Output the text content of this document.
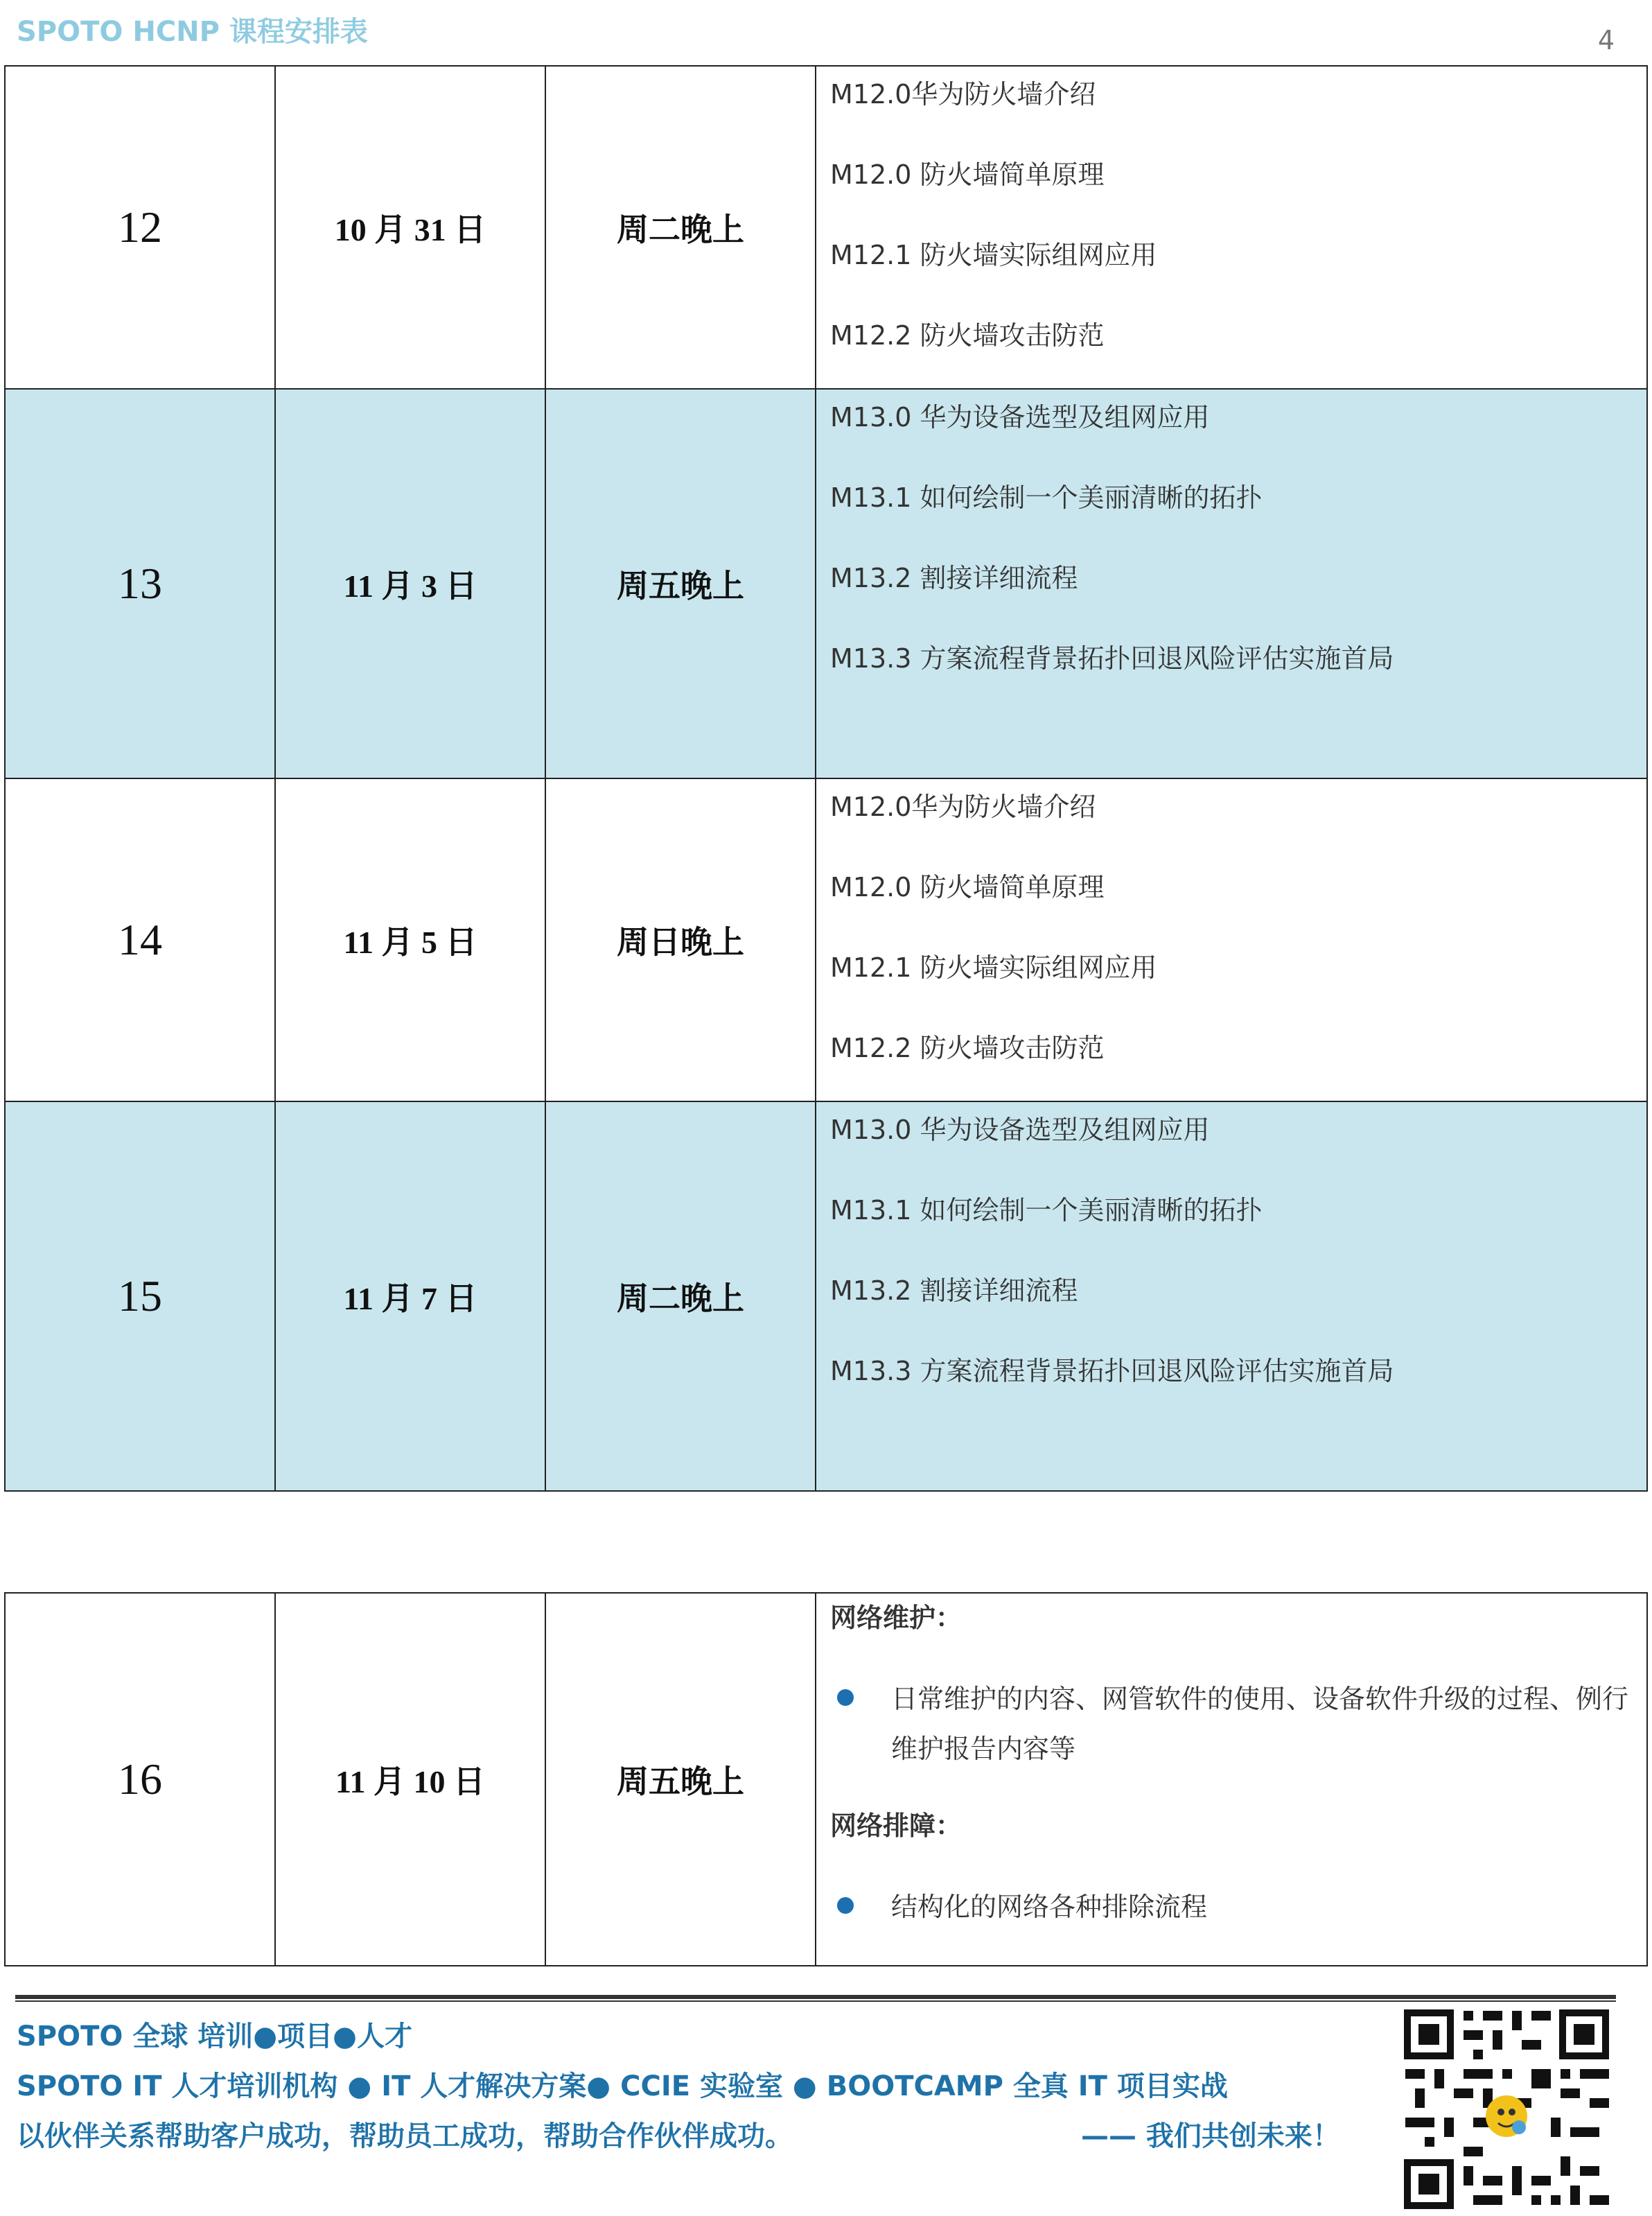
SPOTO HCNP 课程安排表	4
12	10 月 31 日	周二晚上	M12.0华为防火墙介绍
M12.0 防火墙简单原理
M12.1 防火墙实际组网应用
M12.2 防火墙攻击防范

13	11 月 3 日	周五晚上	M13.0 华为设备选型及组网应用
M13.1 如何绘制一个美丽清晰的拓扑
M13.2 割接详细流程
M13.3 方案流程背景拓扑回退风险评估实施首局

14	11 月 5 日	周日晚上	M12.0华为防火墙介绍
M12.0 防火墙简单原理
M12.1 防火墙实际组网应用
M12.2 防火墙攻击防范

15	11 月 7 日	周二晚上	M13.0 华为设备选型及组网应用
M13.1 如何绘制一个美丽清晰的拓扑
M13.2 割接详细流程
M13.3 方案流程背景拓扑回退风险评估实施首局
16	11 月 10 日	周五晚上	
网络维护：
日常维护的内容、网管软件的使用、设备软件升级的过程、例行维护报告内容等
网络排障：
结构化的网络各种排除流程
SPOTO 全球 培训●项目●人才
SPOTO IT 人才培训机构 ● IT 人才解决方案● CCIE 实验室 ● BOOTCAMP 全真 IT 项目实战
以伙伴关系帮助客户成功，帮助员工成功，帮助合作伙伴成功。	—— 我们共创未来！
